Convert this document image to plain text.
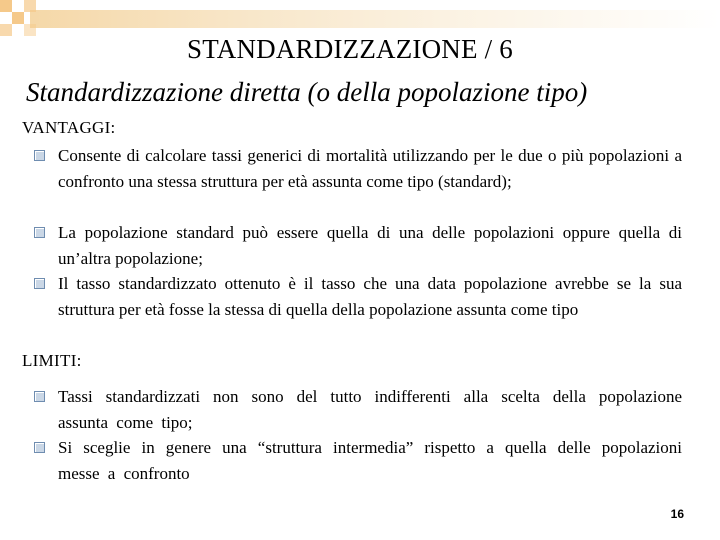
STANDARDIZZAZIONE / 6
Standardizzazione diretta (o della popolazione tipo)
VANTAGGI:
Consente di calcolare tassi generici di mortalità utilizzando per le due o più popolazioni a confronto una stessa struttura per età assunta come tipo (standard);
La popolazione standard può essere quella di una delle popolazioni oppure quella di un’altra popolazione;
Il tasso standardizzato ottenuto è il tasso che una data popolazione avrebbe se la sua struttura per età fosse la stessa di quella della popolazione assunta come tipo
LIMITI:
Tassi standardizzati non sono del tutto indifferenti alla scelta della popolazione assunta come tipo;
Si sceglie in genere una “struttura intermedia” rispetto a quella delle popolazioni messe a confronto
16
